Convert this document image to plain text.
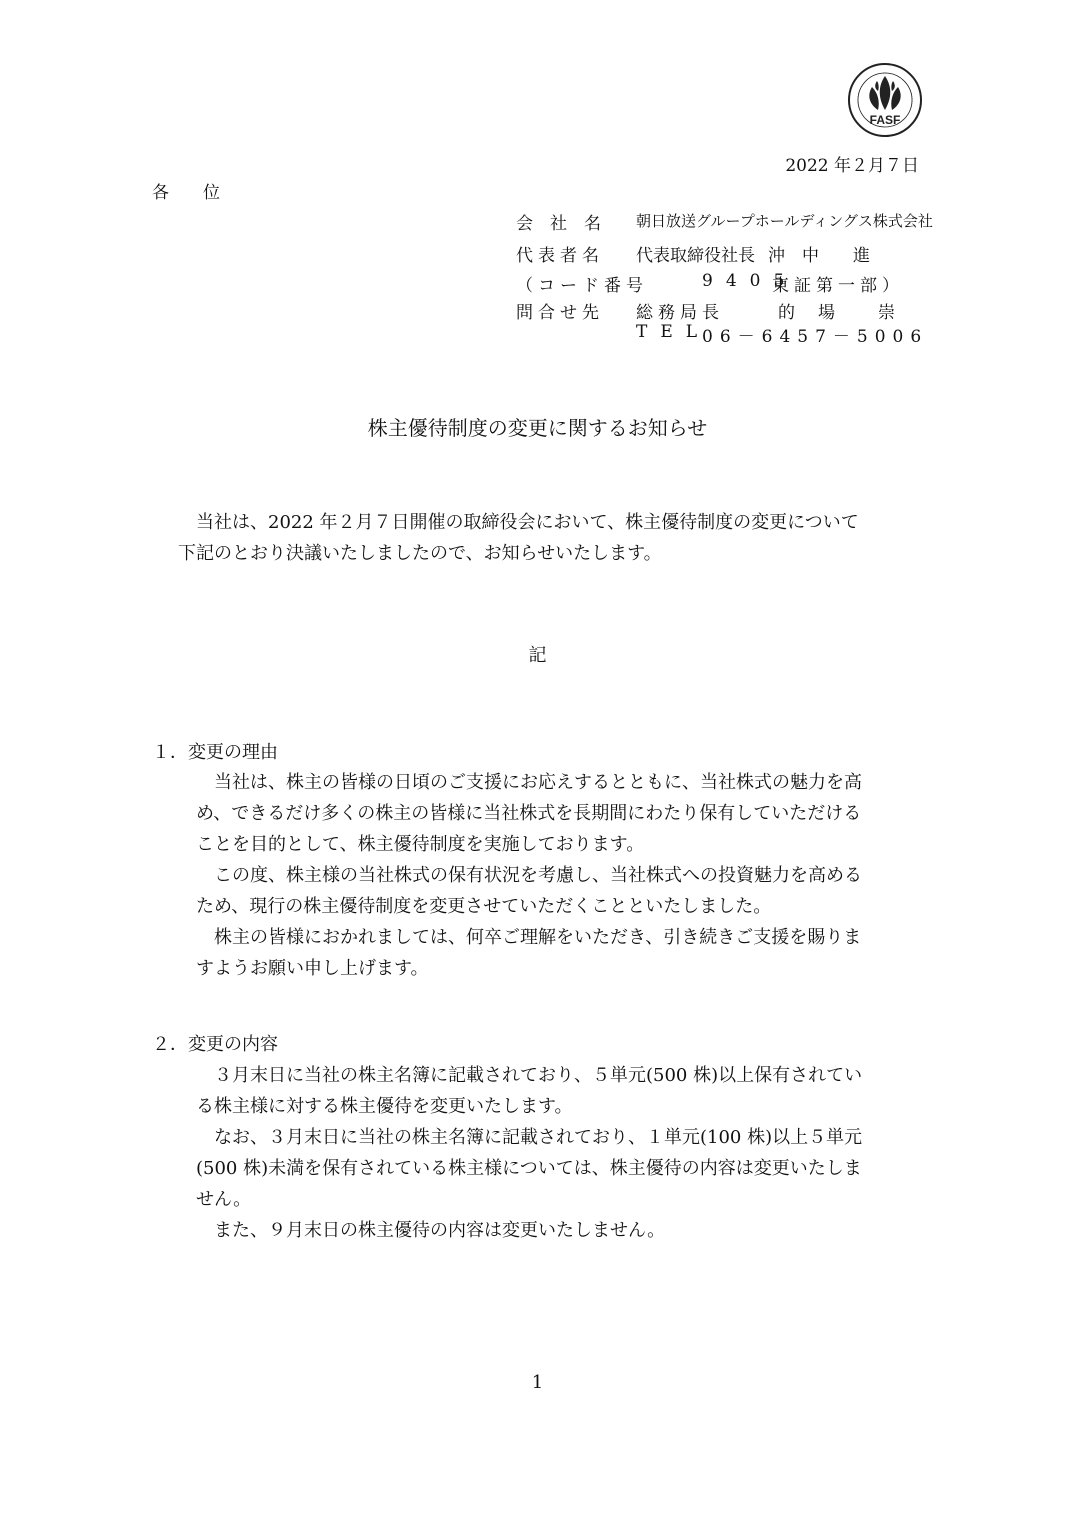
FASF
2022 年２月７日
各　　位
会　社　名 朝日放送グループホールディングス株式会社
代表者名 代表取締役社長 沖　中　　進
（コード番号	9405
東証第一部）
問合せ先 総務局長	的　場　　崇
TEL
06－6457－5006
株主優待制度の変更に関するお知らせ
当社は、2022 年２月７日開催の取締役会において、株主優待制度の変更について
下記のとおり決議いたしましたので、お知らせいたします。
記
１．変更の理由
当社は、株主の皆様の日頃のご支援にお応えするとともに、当社株式の魅力を高
め、できるだけ多くの株主の皆様に当社株式を長期間にわたり保有していただける
ことを目的として、株主優待制度を実施しております。
この度、株主様の当社株式の保有状況を考慮し、当社株式への投資魅力を高める
ため、現行の株主優待制度を変更させていただくことといたしました。
株主の皆様におかれましては、何卒ご理解をいただき、引き続きご支援を賜りま
すようお願い申し上げます。
２．変更の内容
３月末日に当社の株主名簿に記載されており、５単元(500 株)以上保有されてい
る株主様に対する株主優待を変更いたします。
なお、３月末日に当社の株主名簿に記載されており、１単元(100 株)以上５単元
(500 株)未満を保有されている株主様については、株主優待の内容は変更いたしま
せん。
また、９月末日の株主優待の内容は変更いたしません。
1
